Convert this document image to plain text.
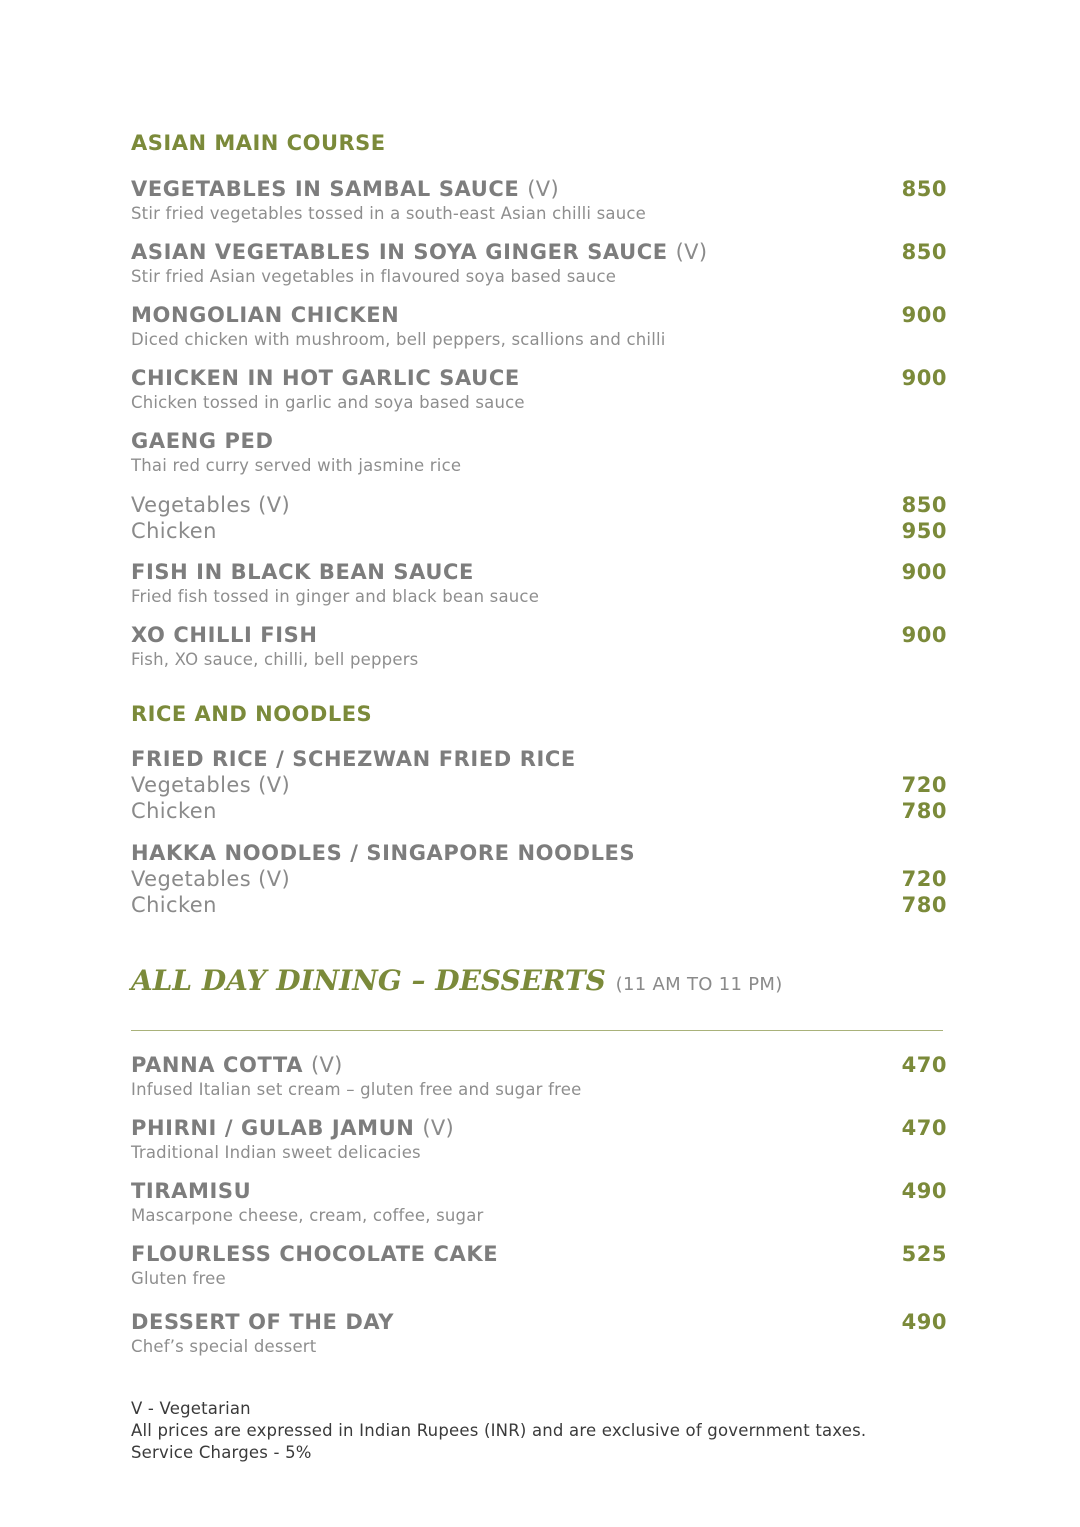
ASIAN MAIN COURSE
VEGETABLES IN SAMBAL SAUCE (V)
Stir fried vegetables tossed in a south-east Asian chilli sauce
850
ASIAN VEGETABLES IN SOYA GINGER SAUCE (V)
Stir fried Asian vegetables in flavoured soya based sauce
850
MONGOLIAN CHICKEN
Diced chicken with mushroom, bell peppers, scallions and chilli
900
CHICKEN IN HOT GARLIC SAUCE
Chicken tossed in garlic and soya based sauce
900
GAENG PED
Thai red curry served with jasmine rice
Vegetables (V)	850
Chicken	950
FISH IN BLACK BEAN SAUCE
Fried fish tossed in ginger and black bean sauce
900
XO CHILLI FISH
Fish, XO sauce, chilli, bell peppers
900
RICE AND NOODLES
FRIED RICE / SCHEZWAN FRIED RICE
Vegetables (V)	720
Chicken	780
HAKKA NOODLES / SINGAPORE NOODLES
Vegetables (V)	720
Chicken	780
ALL DAY DINING – DESSERTS (11 AM TO 11 PM)
PANNA COTTA (V)
Infused Italian set cream – gluten free and sugar free
470
PHIRNI / GULAB JAMUN (V)
Traditional Indian sweet delicacies
470
TIRAMISU
Mascarpone cheese, cream, coffee, sugar
490
FLOURLESS CHOCOLATE CAKE
Gluten free
525
DESSERT OF THE DAY
Chef’s special dessert
490
V - Vegetarian
All prices are expressed in Indian Rupees (INR) and are exclusive of government taxes.
Service Charges - 5%
